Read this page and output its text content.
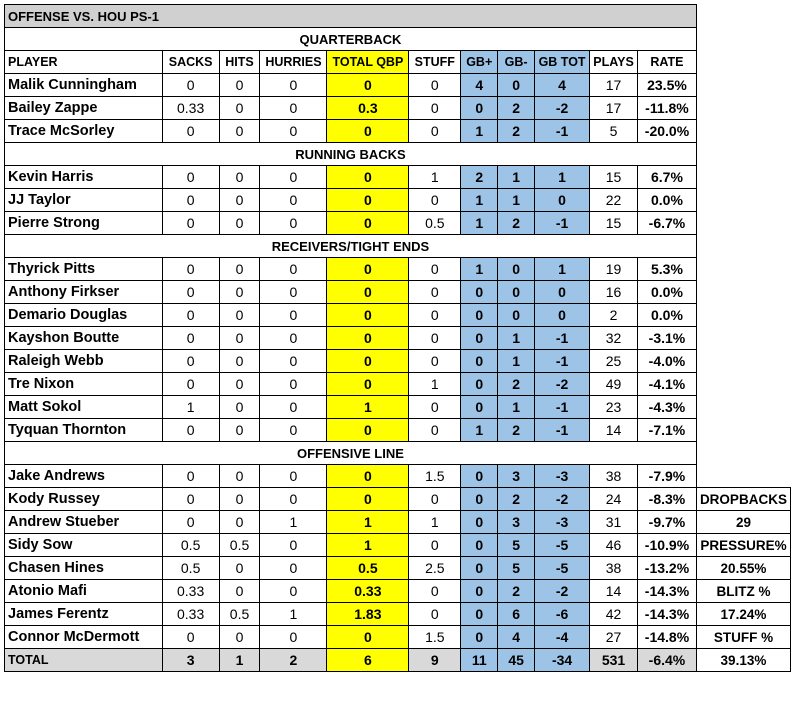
OFFENSE VS. HOU PS-1											
QUARTERBACK											
PLAYER	SACKS	HITS	HURRIES	TOTAL QBP	STUFF	GB+	GB-	GB TOT	PLAYS	RATE	
Malik Cunningham	0	0	0	0	0	4	0	4	17	23.5%	
Bailey Zappe	0.33	0	0	0.3	0	0	2	-2	17	-11.8%	
Trace McSorley	0	0	0	0	0	1	2	-1	5	-20.0%	
RUNNING BACKS											
Kevin Harris	0	0	0	0	1	2	1	1	15	6.7%	
JJ Taylor	0	0	0	0	0	1	1	0	22	0.0%	
Pierre Strong	0	0	0	0	0.5	1	2	-1	15	-6.7%	
RECEIVERS/TIGHT ENDS											
Thyrick Pitts	0	0	0	0	0	1	0	1	19	5.3%	
Anthony Firkser	0	0	0	0	0	0	0	0	16	0.0%	
Demario Douglas	0	0	0	0	0	0	0	0	2	0.0%	
Kayshon Boutte	0	0	0	0	0	0	1	-1	32	-3.1%	
Raleigh Webb	0	0	0	0	0	0	1	-1	25	-4.0%	
Tre Nixon	0	0	0	0	1	0	2	-2	49	-4.1%	
Matt Sokol	1	0	0	1	0	0	1	-1	23	-4.3%	
Tyquan Thornton	0	0	0	0	0	1	2	-1	14	-7.1%	
OFFENSIVE LINE											
Jake Andrews	0	0	0	0	1.5	0	3	-3	38	-7.9%	
Kody Russey	0	0	0	0	0	0	2	-2	24	-8.3%	DROPBACKS
Andrew Stueber	0	0	1	1	1	0	3	-3	31	-9.7%	29
Sidy Sow	0.5	0.5	0	1	0	0	5	-5	46	-10.9%	PRESSURE%
Chasen Hines	0.5	0	0	0.5	2.5	0	5	-5	38	-13.2%	20.55%
Atonio Mafi	0.33	0	0	0.33	0	0	2	-2	14	-14.3%	BLITZ %
James Ferentz	0.33	0.5	1	1.83	0	0	6	-6	42	-14.3%	17.24%
Connor McDermott	0	0	0	0	1.5	0	4	-4	27	-14.8%	STUFF %
TOTAL	3	1	2	6	9	11	45	-34	531	-6.4%	39.13%
